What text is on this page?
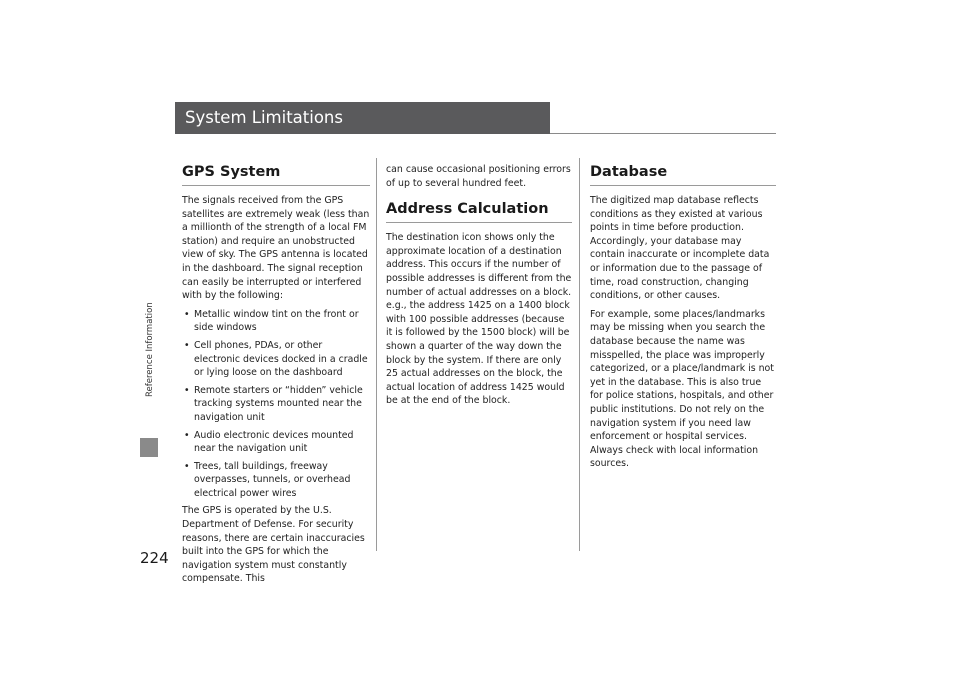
Reference Information
224
System Limitations
GPS System

The signals received from the GPS satellites are extremely weak (less than a millionth of the strength of a local FM station) and require an unobstructed view of sky. The GPS antenna is located in the dashboard. The signal reception can easily be interrupted or interfered with by the following:

• Metallic window tint on the front or side windows
• Cell phones, PDAs, or other electronic devices docked in a cradle or lying loose on the dashboard
• Remote starters or “hidden” vehicle tracking systems mounted near the navigation unit
• Audio electronic devices mounted near the navigation unit
• Trees, tall buildings, freeway overpasses, tunnels, or overhead electrical power wires

The GPS is operated by the U.S. Department of Defense. For security reasons, there are certain inaccuracies built into the GPS for which the navigation system must constantly compensate. This

can cause occasional positioning errors of up to several hundred feet.

Address Calculation

The destination icon shows only the approximate location of a destination address. This occurs if the number of possible addresses is different from the number of actual addresses on a block. e.g., the address 1425 on a 1400 block with 100 possible addresses (because it is followed by the 1500 block) will be shown a quarter of the way down the block by the system. If there are only 25 actual addresses on the block, the actual location of address 1425 would be at the end of the block.

Database

The digitized map database reflects conditions as they existed at various points in time before production. Accordingly, your database may contain inaccurate or incomplete data or information due to the passage of time, road construction, changing conditions, or other causes.

For example, some places/landmarks may be missing when you search the database because the name was misspelled, the place was improperly categorized, or a place/landmark is not yet in the database. This is also true for police stations, hospitals, and other public institutions. Do not rely on the navigation system if you need law enforcement or hospital services. Always check with local information sources.
